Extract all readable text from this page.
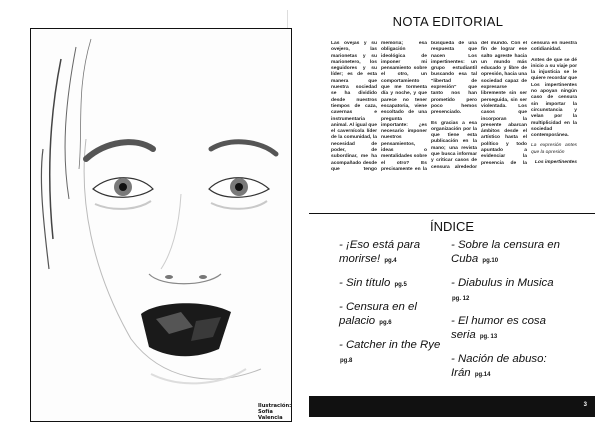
Ilustración:
Sofía Valencia
NOTA EDITORIAL

Las ovejas y su ovejero, las marionetas y su marionetero, los seguidores y su líder; es de esta manera que nuestra sociedad se ha dividido desde nuestros tiempos de caza, cavernas e instrumentaria animal. Al igual que el cavernícola líder de la comunidad, la necesidad de poder, de subordinar, me ha acompañado desde que tengo memoria; esa obligación ideológica de imponer mi pensamiento sobre el otro, un comportamiento que me tormenta día y noche, y que parece no tener escapatoria, viene escoltado de una pregunta importante: ¿es necesario imponer nuestros pensamientos, ideas o mentalidades sobre el otro? Es precisamente en la búsqueda de una respuesta que nacen Los impertinentes: un grupo estudiantil buscando esa tal "libertad de expresión" que tanto nos han prometido pero poco hemos presenciado.

Es gracias a esa organización por la que tiene esta publicación en la mano; una revista que busca informar y criticar casos de censura alrededor del mundo. Con el fin de lograr ese salto agreste hacia un mundo más educado y libre de opresión, hacia una sociedad capaz de expresarse libremente sin ser perseguida, sin ser violentada. Los casos que incorporan la presente abarcan ámbitos desde el artístico hasta el político y todo apuntado a evidenciar la presencia de la censura en nuestra cotidianidad.

Antes de que se dé inicio a su viaje por la injusticia se le quiere recordar que Los impertinentes no apoyan ningún caso de censura sin importar la circunstancia y velan por la multiplicidad en la sociedad contemporánea.

La expresión antes que la opresión

Los impertinentes

ÍNDICE
- ¡Eso está para morirse! pg.4
- Sin título pg.5
- Censura en el palacio pg.6
- Catcher in the Rye pg.8
- Sobre la censura en Cuba pg.10
- Diabulus in Musica pg. 12
- El humor es cosa seria pg. 13
- Nación de abuso: Irán pg.14
3
